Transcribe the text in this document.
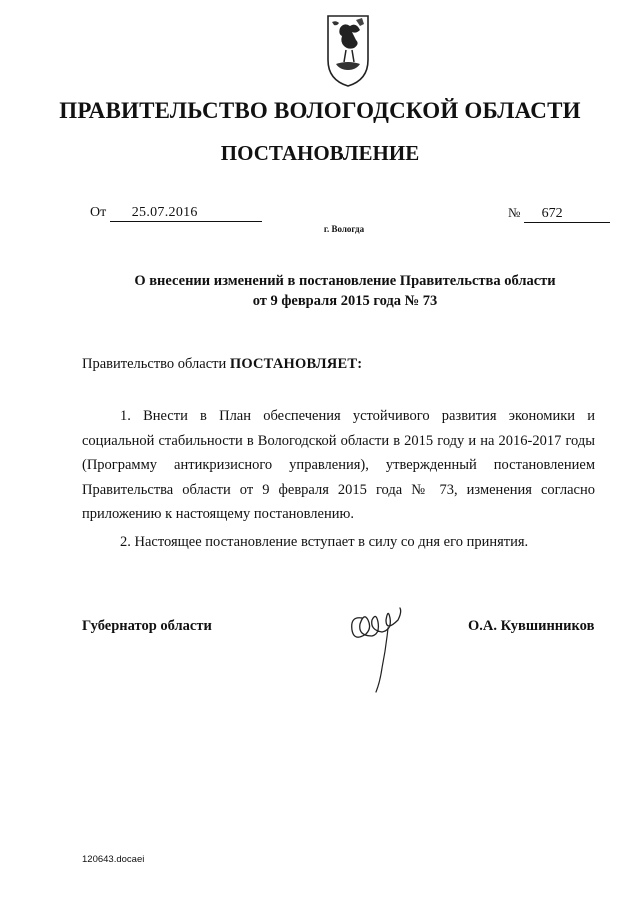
ПРАВИТЕЛЬСТВО ВОЛОГОДСКОЙ ОБЛАСТИ
ПОСТАНОВЛЕНИЕ
От 25.07.2016	№ 672
г. Вологда
О внесении изменений в постановление Правительства области
от 9 февраля 2015 года № 73
Правительство области ПОСТАНОВЛЯЕТ:

1. Внести в План обеспечения устойчивого развития экономики и социальной стабильности в Вологодской области в 2015 году и на 2016-2017 годы (Программу антикризисного управления), утвержденный постановлением Правительства области от 9 февраля 2015 года № 73, изменения согласно приложению к настоящему постановлению.

2. Настоящее постановление вступает в силу со дня его принятия.

Губернатор области	О.А. Кувшинников
120643.docaei
